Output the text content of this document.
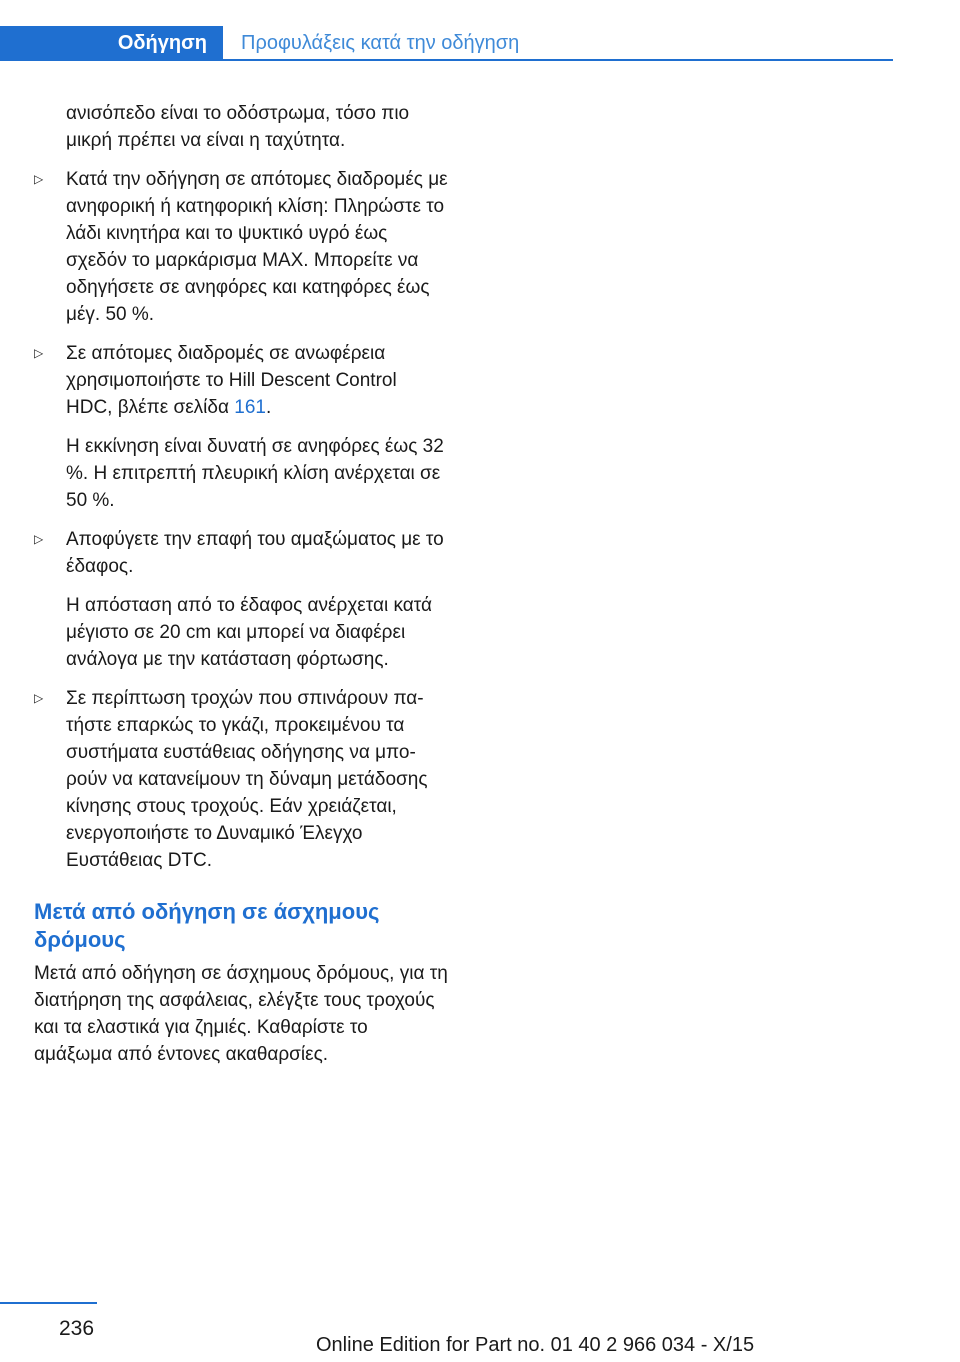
Οδήγηση Προφυλάξεις κατά την οδήγηση

ανισόπεδο είναι το οδόστρωμα, τόσο πιο μικρή πρέπει να είναι η ταχύτητα.

▷ Κατά την οδήγηση σε απότομες διαδρομές με ανηφορική ή κατηφορική κλίση: Πληρώστε το λάδι κινητήρα και το ψυκτικό υγρό έως σχεδόν το μαρκάρισμα MAX. Μπορείτε να οδηγήσετε σε ανηφόρες και κατηφόρες έως μέγ. 50 %.

▷ Σε απότομες διαδρομές σε ανωφέρεια χρησιμοποιήστε το Hill Descent Control HDC, βλέπε σελίδα 161.

Η εκκίνηση είναι δυνατή σε ανηφόρες έως 32 %. Η επιτρεπτή πλευρική κλίση ανέρχεται σε 50 %.

▷ Αποφύγετε την επαφή του αμαξώματος με το έδαφος.

Η απόσταση από το έδαφος ανέρχεται κατά μέγιστο σε 20 cm και μπορεί να διαφέρει ανάλογα με την κατάσταση φόρτωσης.

▷ Σε περίπτωση τροχών που σπινάρουν πατήστε επαρκώς το γκάζι, προκειμένου τα συστήματα ευστάθειας οδήγησης να μπορούν να κατανείμουν τη δύναμη μετάδοσης κίνησης στους τροχούς. Εάν χρειάζεται, ενεργοποιήστε το Δυναμικό Έλεγχο Ευστάθειας DTC.

Μετά από οδήγηση σε άσχημους δρόμους

Μετά από οδήγηση σε άσχημους δρόμους, για τη διατήρηση της ασφάλειας, ελέγξτε τους τροχούς και τα ελαστικά για ζημιές. Καθαρίστε το αμάξωμα από έντονες ακαθαρσίες.

236
Online Edition for Part no. 01 40 2 966 034 - X/15
